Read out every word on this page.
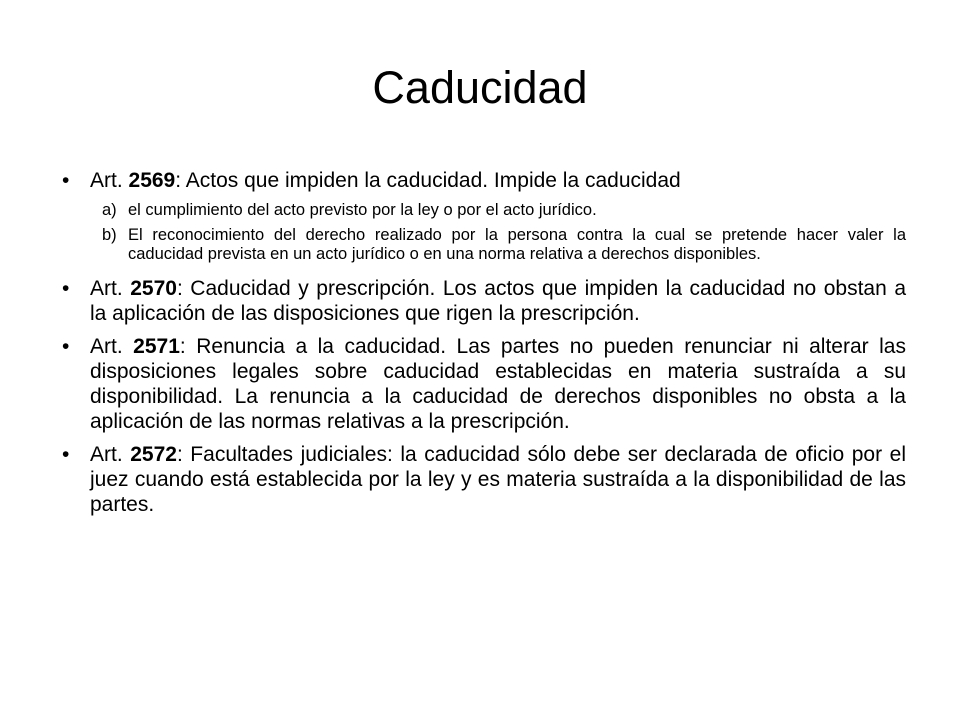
Caducidad
• Art. 2569: Actos que impiden la caducidad. Impide la caducidad
a) el cumplimiento del acto previsto por la ley o por el acto jurídico.
b) El reconocimiento del derecho realizado por la persona contra la cual se pretende hacer valer la caducidad prevista en un acto jurídico o en una norma relativa a derechos disponibles.
• Art. 2570: Caducidad y prescripción. Los actos que impiden la caducidad no obstan a la aplicación de las disposiciones que rigen la prescripción.
• Art. 2571: Renuncia a la caducidad. Las partes no pueden renunciar ni alterar las disposiciones legales sobre caducidad establecidas en materia sustraída a su disponibilidad. La renuncia a la caducidad de derechos disponibles no obsta a la aplicación de las normas relativas a la prescripción.
• Art. 2572: Facultades judiciales: la caducidad sólo debe ser declarada de oficio por el juez cuando está establecida por la ley y es materia sustraída a la disponibilidad de las partes.
